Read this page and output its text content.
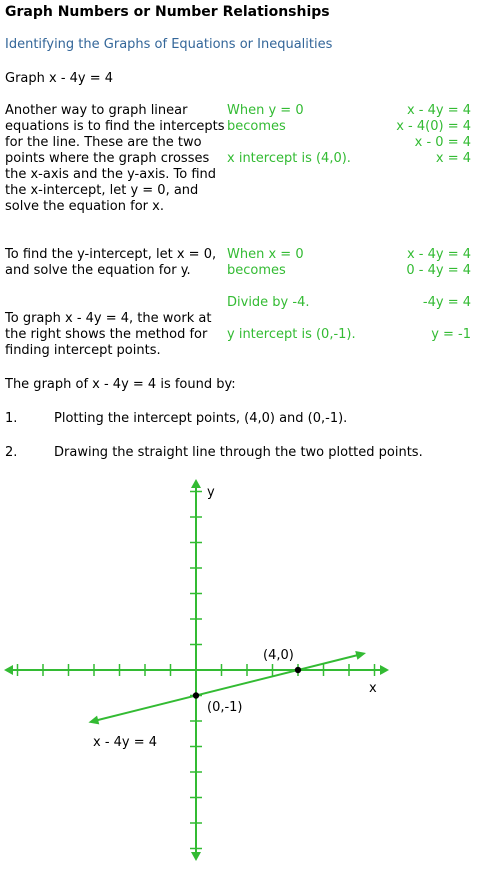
Graph Numbers or Number Relationships
Identifying the Graphs of Equations or Inequalities
Graph x - 4y = 4
Another way to graph linear equations is to find the intercepts for the line. These are the two points where the graph crosses the x-axis and the y-axis. To find the x-intercept, let y = 0, and solve the equation for x.
When y = 0
becomes
x intercept is (4,0).
x - 4y = 4
x - 4(0) = 4
x - 0 = 4
x = 4
To find the y-intercept, let x = 0, and solve the equation for y.
To graph x - 4y = 4, the work at the right shows the method for finding intercept points.
When x = 0
becomes
Divide by -4.
y intercept is (0,-1).
x - 4y = 4
0 - 4y = 4
-4y = 4
y = -1
The graph of x - 4y = 4 is found by:
1.	Plotting the intercept points, (4,0) and (0,-1).
2.	Drawing the straight line through the two plotted points.
y
x
(4,0)
(0,-1)
x - 4y = 4
